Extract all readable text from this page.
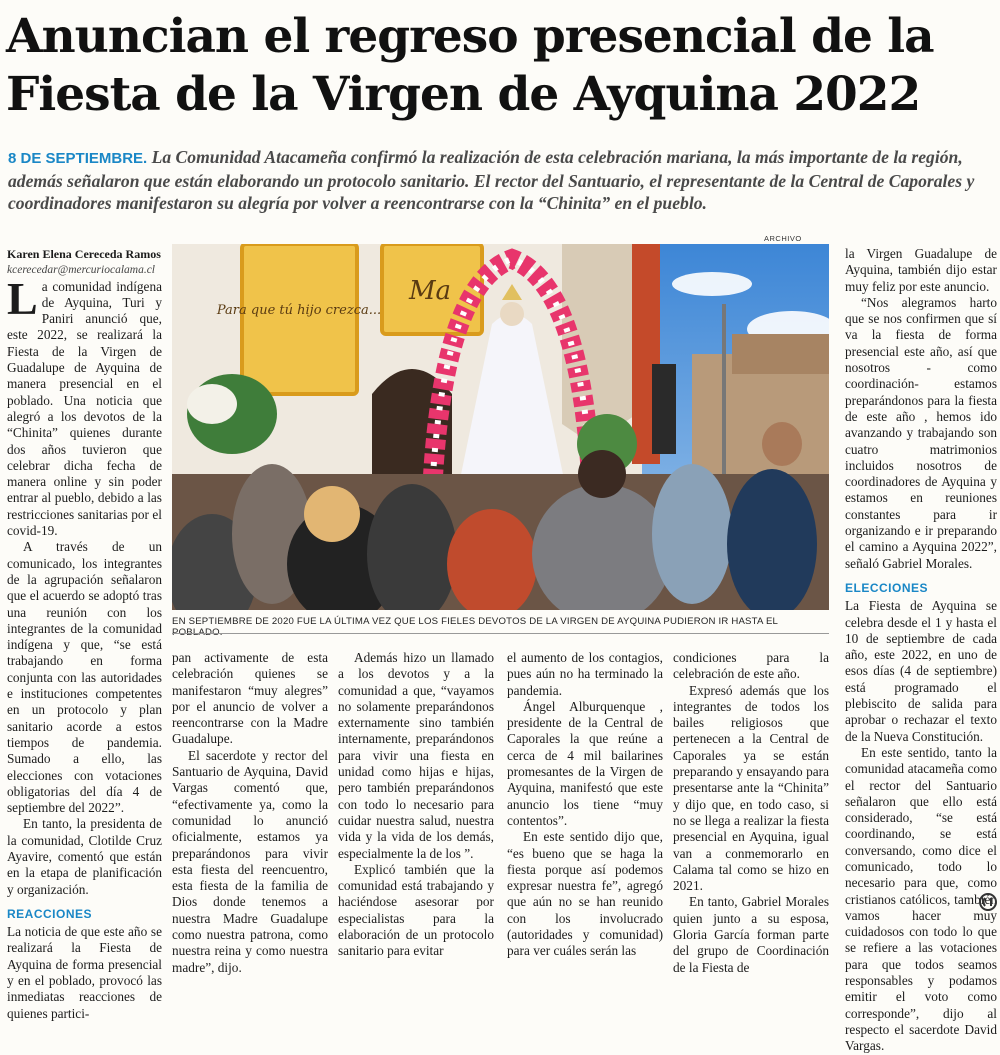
Anuncian el regreso presencial de la Fiesta de la Virgen de Ayquina 2022

8 DE SEPTIEMBRE. La Comunidad Atacameña confirmó la realización de esta celebración mariana, la más importante de la región, además señalaron que están elaborando un protocolo sanitario. El rector del Santuario, el representante de la Central de Caporales y coordinadores manifestaron su alegría por volver a reencontrarse con la “Chinita” en el pueblo.

Karen Elena Cereceda Ramos

kcerecedar@mercuriocalama.cl

La comunidad indígena de Ayquina, Turi y Paniri anunció que, este 2022, se realizará la Fiesta de la Virgen de Guadalupe de Ayquina de manera presencial en el poblado. Una noticia que alegró a los devotos de la “Chinita” quienes durante dos años tuvieron que celebrar dicha fecha de manera online y sin poder entrar al pueblo, debido a las restricciones sanitarias por el covid-19.

A través de un comunicado, los integrantes de la agrupación señalaron que el acuerdo se adoptó tras una reunión con los integrantes de la comunidad indígena y que, “se está trabajando en forma conjunta con las autoridades e instituciones competentes en un protocolo y plan sanitario acorde a estos tiempos de pandemia. Sumado a ello, las elecciones con votaciones obligatorias del día 4 de septiembre del 2022”.

En tanto, la presidenta de la comunidad, Clotilde Cruz Ayavire, comentó que están en la etapa de planificación y organización.

REACCIONES

La noticia de que este año se realizará la Fiesta de Ayquina de forma presencial y en el poblado, provocó las inmediatas reacciones de quienes partici-

ARCHIVO
Para que tú hijo crezca...
Ma
EN SEPTIEMBRE DE 2020 FUE LA ÚLTIMA VEZ QUE LOS FIELES DEVOTOS DE LA VIRGEN DE AYQUINA PUDIERON IR HASTA EL

pan activamente de esta celebración quienes se manifestaron “muy alegres” por el anuncio de volver a reencontrarse con la Madre Guadalupe.

El sacerdote y rector del Santuario de Ayquina, David Vargas comentó que, “efectivamente ya, como la comunidad lo anunció oficialmente, estamos ya preparándonos para vivir esta fiesta del reencuentro, esta fiesta de la familia de Dios donde tenemos a nuestra Madre Guadalupe como nuestra patrona, como nuestra reina y como nuestra madre”, dijo.

Además hizo un llamado a los devotos y a la comunidad a que, “vayamos no solamente preparándonos externamente sino también internamente, preparándonos para vivir una fiesta en unidad como hijas e hijas, pero también preparándonos con todo lo necesario para cuidar nuestra salud, nuestra vida y la vida de los demás, especialmente la de los ”.

Explicó también que la comunidad está trabajando y haciéndose asesorar por especialistas para la elaboración de un protocolo sanitario para evitar

el aumento de los contagios, pues aún no ha terminado la pandemia.

Ángel Alburquenque , presidente de la Central de Caporales la que reúne a cerca de 4 mil bailarines promesantes de la Virgen de Ayquina, manifestó que este anuncio los tiene “muy contentos”.

En este sentido dijo que, “es bueno que se haga la fiesta porque así podemos expresar nuestra fe”, agregó que aún no se han reunido con los involucrado (autoridades y comunidad) para ver cuáles serán las

condiciones para la celebración de este año.

Expresó además que los integrantes de todos los bailes religiosos que pertenecen a la Central de Caporales ya se están preparando y ensayando para presentarse ante la “Chinita” y dijo que, en todo caso, si no se llega a realizar la fiesta presencial en Ayquina, igual van a conmemorarlo en Calama tal como se hizo en 2021.

En tanto, Gabriel Morales quien junto a su esposa, Gloria García forman parte del grupo de Coordinación de la Fiesta de

la Virgen Guadalupe de Ayquina, también dijo estar muy feliz por este anuncio.

“Nos alegramos harto que se nos confirmen que sí va la fiesta de forma presencial este año, así que nosotros - como coordinación- estamos preparándonos para la fiesta de este año , hemos ido avanzando y trabajando son cuatro matrimonios incluidos nosotros de coordinadores de Ayquina y estamos en reuniones constantes para ir organizando e ir preparando el camino a Ayquina 2022”, señaló Gabriel Morales.

ELECCIONES

La Fiesta de Ayquina se celebra desde el 1 y hasta el 10 de septiembre de cada año, este 2022, en uno de esos días (4 de septiembre) está programado el plebiscito de salida para aprobar o rechazar el texto de la Nueva Constitución.

En este sentido, tanto la comunidad atacameña como el rector del Santuario señalaron que ello está considerado, “se está coordinando, se está conversando, como dice el comunicado, todo lo necesario para que, como cristianos católicos, también vamos hacer muy cuidadosos con todo lo que se refiere a las votaciones para que todos seamos responsables y podamos emitir el voto como corresponde”, dijo al respecto el sacerdote David Vargas.
